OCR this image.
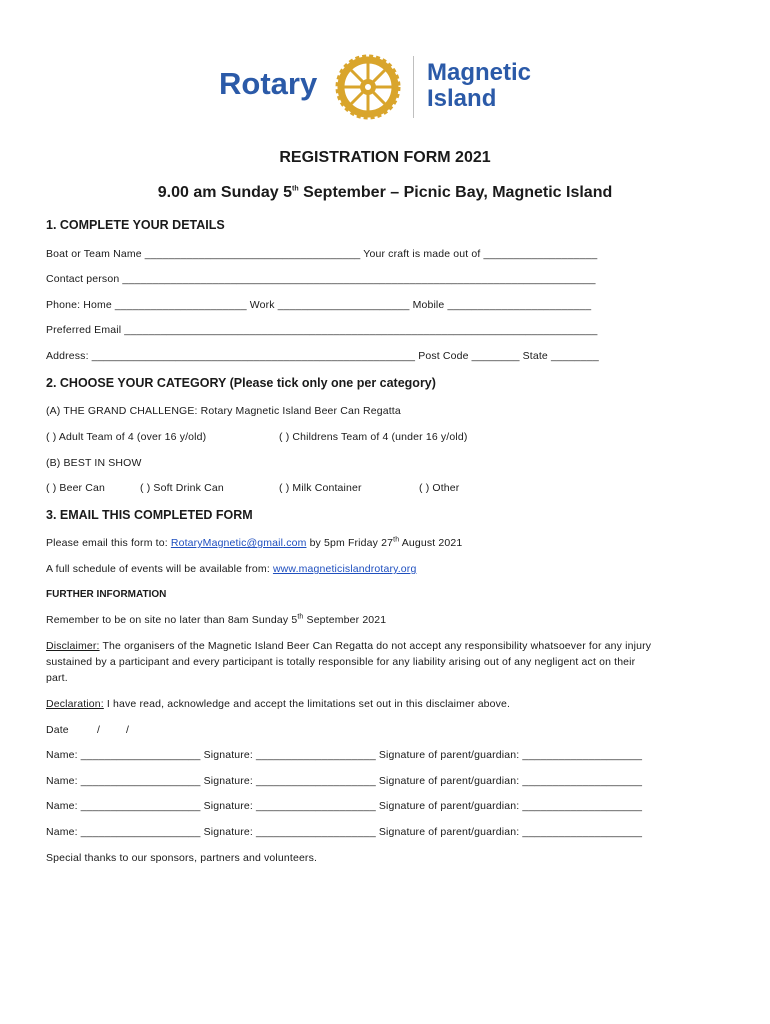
Rotary	Magnetic
Island
REGISTRATION FORM 2021
9.00 am Sunday 5th September – Picnic Bay, Magnetic Island
1. COMPLETE YOUR DETAILS
Boat or Team Name ____________________________________ Your craft is made out of ___________________
Contact person _______________________________________________________________________________
Phone: Home ______________________ Work ______________________ Mobile ________________________
Preferred Email _______________________________________________________________________________
Address: ______________________________________________________ Post Code ________ State ________
2. CHOOSE YOUR CATEGORY (Please tick only one per category)
(A) THE GRAND CHALLENGE: Rotary Magnetic Island Beer Can Regatta
( ) Adult Team of 4 (over 16 y/old)	( ) Childrens Team of 4 (under 16 y/old)
(B) BEST IN SHOW
( ) Beer Can	( ) Soft Drink Can	( ) Milk Container	( ) Other
3. EMAIL THIS COMPLETED FORM
Please email this form to: RotaryMagnetic@gmail.com by 5pm Friday 27th August 2021
A full schedule of events will be available from: www.magneticislandrotary.org
FURTHER INFORMATION
Remember to be on site no later than 8am Sunday 5th September 2021
Disclaimer: The organisers of the Magnetic Island Beer Can Regatta do not accept any responsibility whatsoever for any injury
sustained by a participant and every participant is totally responsible for any liability arising out of any negligent act on their
part.
Declaration: I have read, acknowledge and accept the limitations set out in this disclaimer above.
Date	/ /
Name: ____________________ Signature: ____________________ Signature of parent/guardian: ____________________
Name: ____________________ Signature: ____________________ Signature of parent/guardian: ____________________
Name: ____________________ Signature: ____________________ Signature of parent/guardian: ____________________
Name: ____________________ Signature: ____________________ Signature of parent/guardian: ____________________
Special thanks to our sponsors, partners and volunteers.
